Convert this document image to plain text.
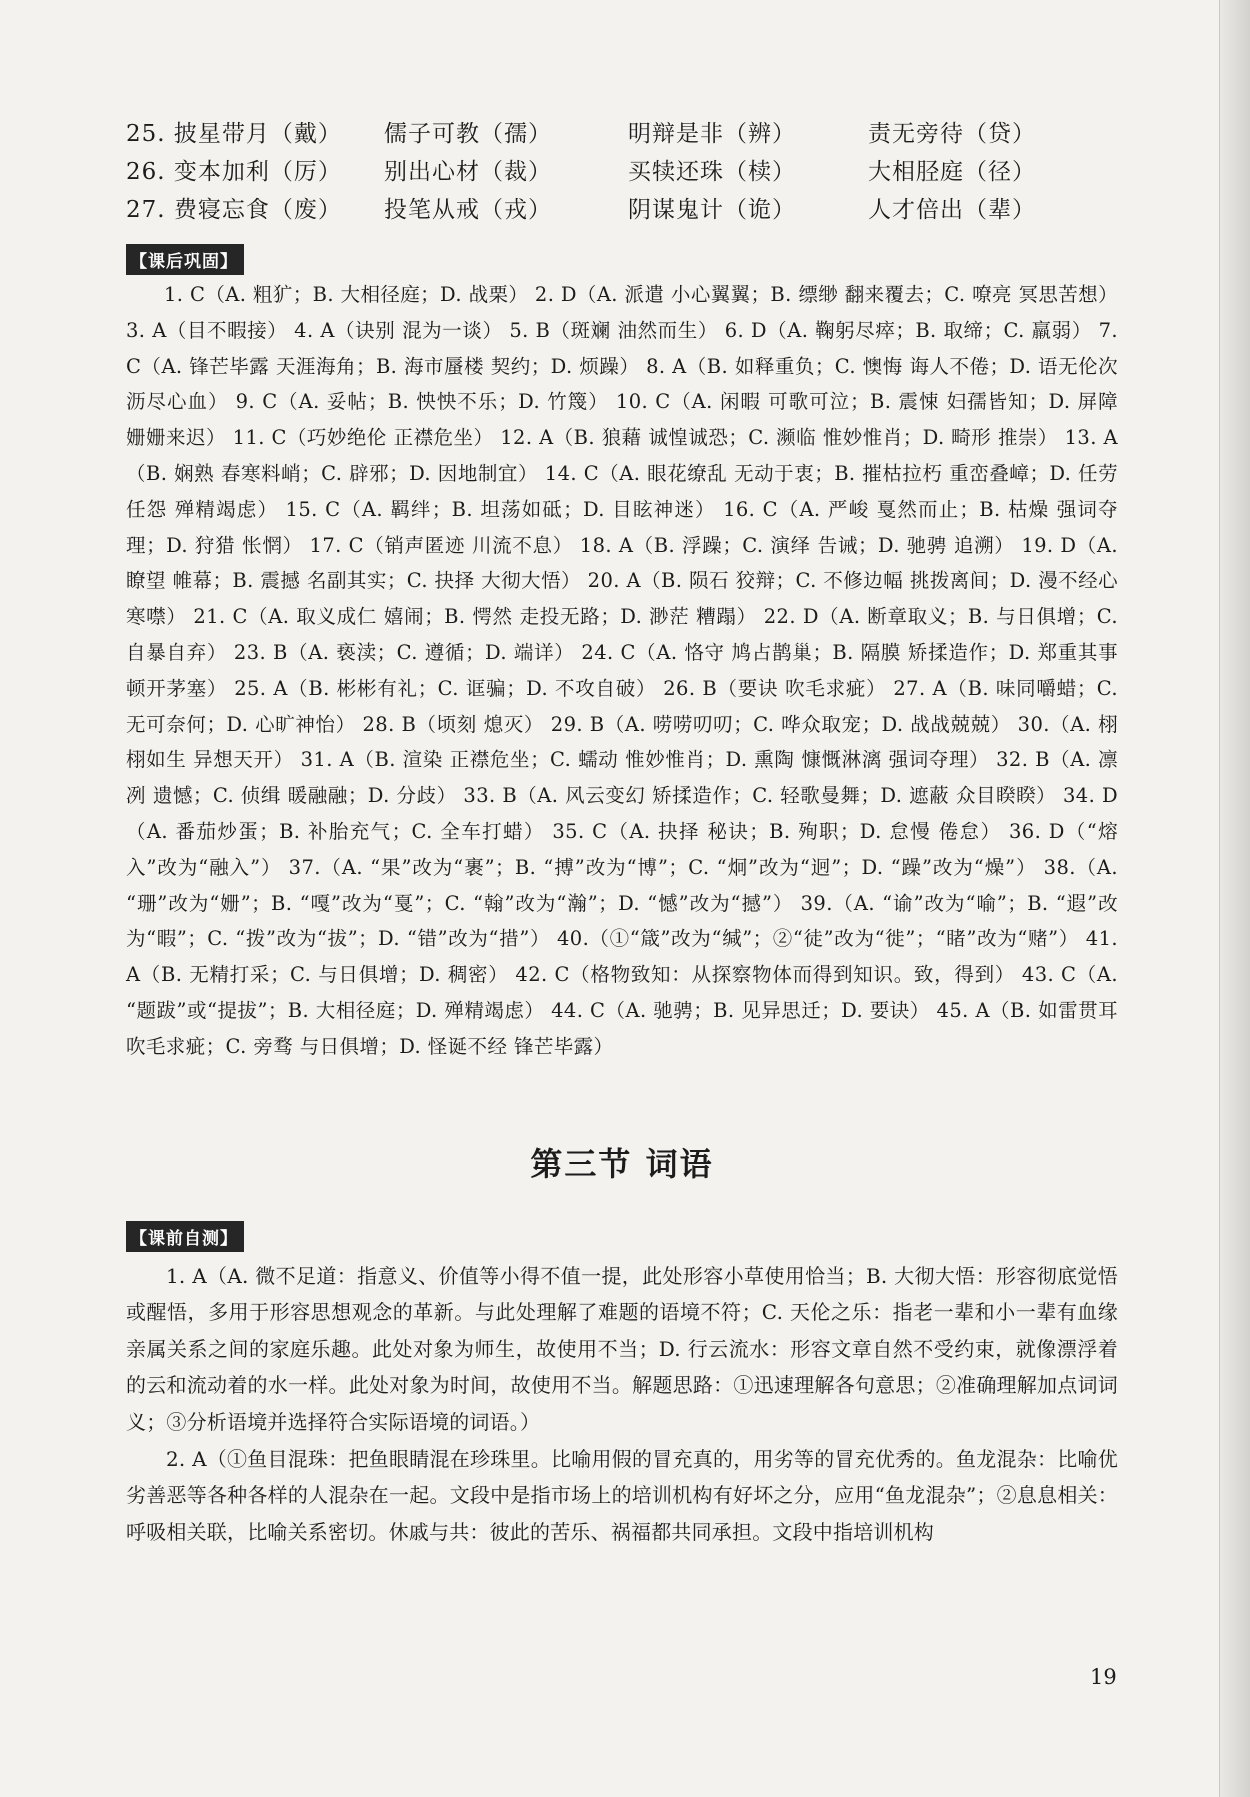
25. 披星带月（戴）	儒子可教（孺）	明辩是非（辨）	责无旁待（贷）
26. 变本加利（厉）	别出心材（裁）	买犊还珠（椟）	大相胫庭（径）
27. 费寝忘食（废）	投笔从戒（戎）	阴谋鬼计（诡）	人才倍出（辈）
【课后巩固】

1. C（A. 粗犷；B. 大相径庭；D. 战栗） 2. D（A. 派遣 小心翼翼；B. 缥缈 翻来覆去；C. 嘹亮 冥思苦想） 3. A（目不暇接） 4. A（诀别 混为一谈） 5. B（斑斓 油然而生） 6. D（A. 鞠躬尽瘁；B. 取缔；C. 羸弱） 7. C（A. 锋芒毕露 天涯海角；B. 海市蜃楼 契约；D. 烦躁） 8. A（B. 如释重负；C. 懊悔 诲人不倦；D. 语无伦次 沥尽心血） 9. C（A. 妥帖；B. 怏怏不乐；D. 竹篾） 10. C（A. 闲暇 可歌可泣；B. 震悚 妇孺皆知；D. 屏障 姗姗来迟） 11. C（巧妙绝伦 正襟危坐） 12. A（B. 狼藉 诚惶诚恐；C. 濒临 惟妙惟肖；D. 畸形 推崇） 13. A（B. 娴熟 春寒料峭；C. 辟邪；D. 因地制宜） 14. C（A. 眼花缭乱 无动于衷；B. 摧枯拉朽 重峦叠嶂；D. 任劳任怨 殚精竭虑） 15. C（A. 羁绊；B. 坦荡如砥；D. 目眩神迷） 16. C（A. 严峻 戛然而止；B. 枯燥 强词夺理；D. 狩猎 怅惘） 17. C（销声匿迹 川流不息） 18. A（B. 浮躁；C. 演绎 告诫；D. 驰骋 追溯） 19. D（A. 瞭望 帷幕；B. 震撼 名副其实；C. 抉择 大彻大悟） 20. A（B. 陨石 狡辩；C. 不修边幅 挑拨离间；D. 漫不经心 寒噤） 21. C（A. 取义成仁 嬉闹；B. 愕然 走投无路；D. 渺茫 糟蹋） 22. D（A. 断章取义；B. 与日俱增；C. 自暴自弃） 23. B（A. 亵渎；C. 遵循；D. 端详） 24. C（A. 恪守 鸠占鹊巢；B. 隔膜 矫揉造作；D. 郑重其事 顿开茅塞） 25. A（B. 彬彬有礼；C. 诓骗；D. 不攻自破） 26. B（要诀 吹毛求疵） 27. A（B. 味同嚼蜡；C. 无可奈何；D. 心旷神怡） 28. B（顷刻 熄灭） 29. B（A. 唠唠叨叨；C. 哗众取宠；D. 战战兢兢） 30.（A. 栩栩如生 异想天开） 31. A（B. 渲染 正襟危坐；C. 蠕动 惟妙惟肖；D. 熏陶 慷慨淋漓 强词夺理） 32. B（A. 凛冽 遗憾；C. 侦缉 暖融融；D. 分歧） 33. B（A. 风云变幻 矫揉造作；C. 轻歌曼舞；D. 遮蔽 众目睽睽） 34. D（A. 番茄炒蛋；B. 补胎充气；C. 全车打蜡） 35. C（A. 抉择 秘诀；B. 殉职；D. 怠慢 倦怠） 36. D（“熔入”改为“融入”） 37.（A. “果”改为“裹”；B. “搏”改为“博”；C. “炯”改为“迥”；D. “躁”改为“燥”） 38.（A. “珊”改为“姗”；B. “嘎”改为“戛”；C. “翰”改为“瀚”；D. “憾”改为“撼”） 39.（A. “谕”改为“喻”；B. “遐”改为“暇”；C. “拨”改为“拔”；D. “错”改为“措”） 40.（①“箴”改为“缄”；②“徒”改为“徙”；“睹”改为“赌”） 41. A（B. 无精打采；C. 与日俱增；D. 稠密） 42. C（格物致知：从探察物体而得到知识。致，得到） 43. C（A. “题跋”或“提拔”；B. 大相径庭；D. 殚精竭虑） 44. C（A. 驰骋；B. 见异思迁；D. 要诀） 45. A（B. 如雷贯耳 吹毛求疵；C. 旁骛 与日俱增；D. 怪诞不经 锋芒毕露）

第三节 词语
【课前自测】

1. A（A. 微不足道：指意义、价值等小得不值一提，此处形容小草使用恰当；B. 大彻大悟：形容彻底觉悟或醒悟，多用于形容思想观念的革新。与此处理解了难题的语境不符；C. 天伦之乐：指老一辈和小一辈有血缘亲属关系之间的家庭乐趣。此处对象为师生，故使用不当；D. 行云流水：形容文章自然不受约束，就像漂浮着的云和流动着的水一样。此处对象为时间，故使用不当。解题思路：①迅速理解各句意思；②准确理解加点词词义；③分析语境并选择符合实际语境的词语。）

2. A（①鱼目混珠：把鱼眼睛混在珍珠里。比喻用假的冒充真的，用劣等的冒充优秀的。鱼龙混杂：比喻优劣善恶等各种各样的人混杂在一起。文段中是指市场上的培训机构有好坏之分，应用“鱼龙混杂”；②息息相关：呼吸相关联，比喻关系密切。休戚与共：彼此的苦乐、祸福都共同承担。文段中指培训机构

19
